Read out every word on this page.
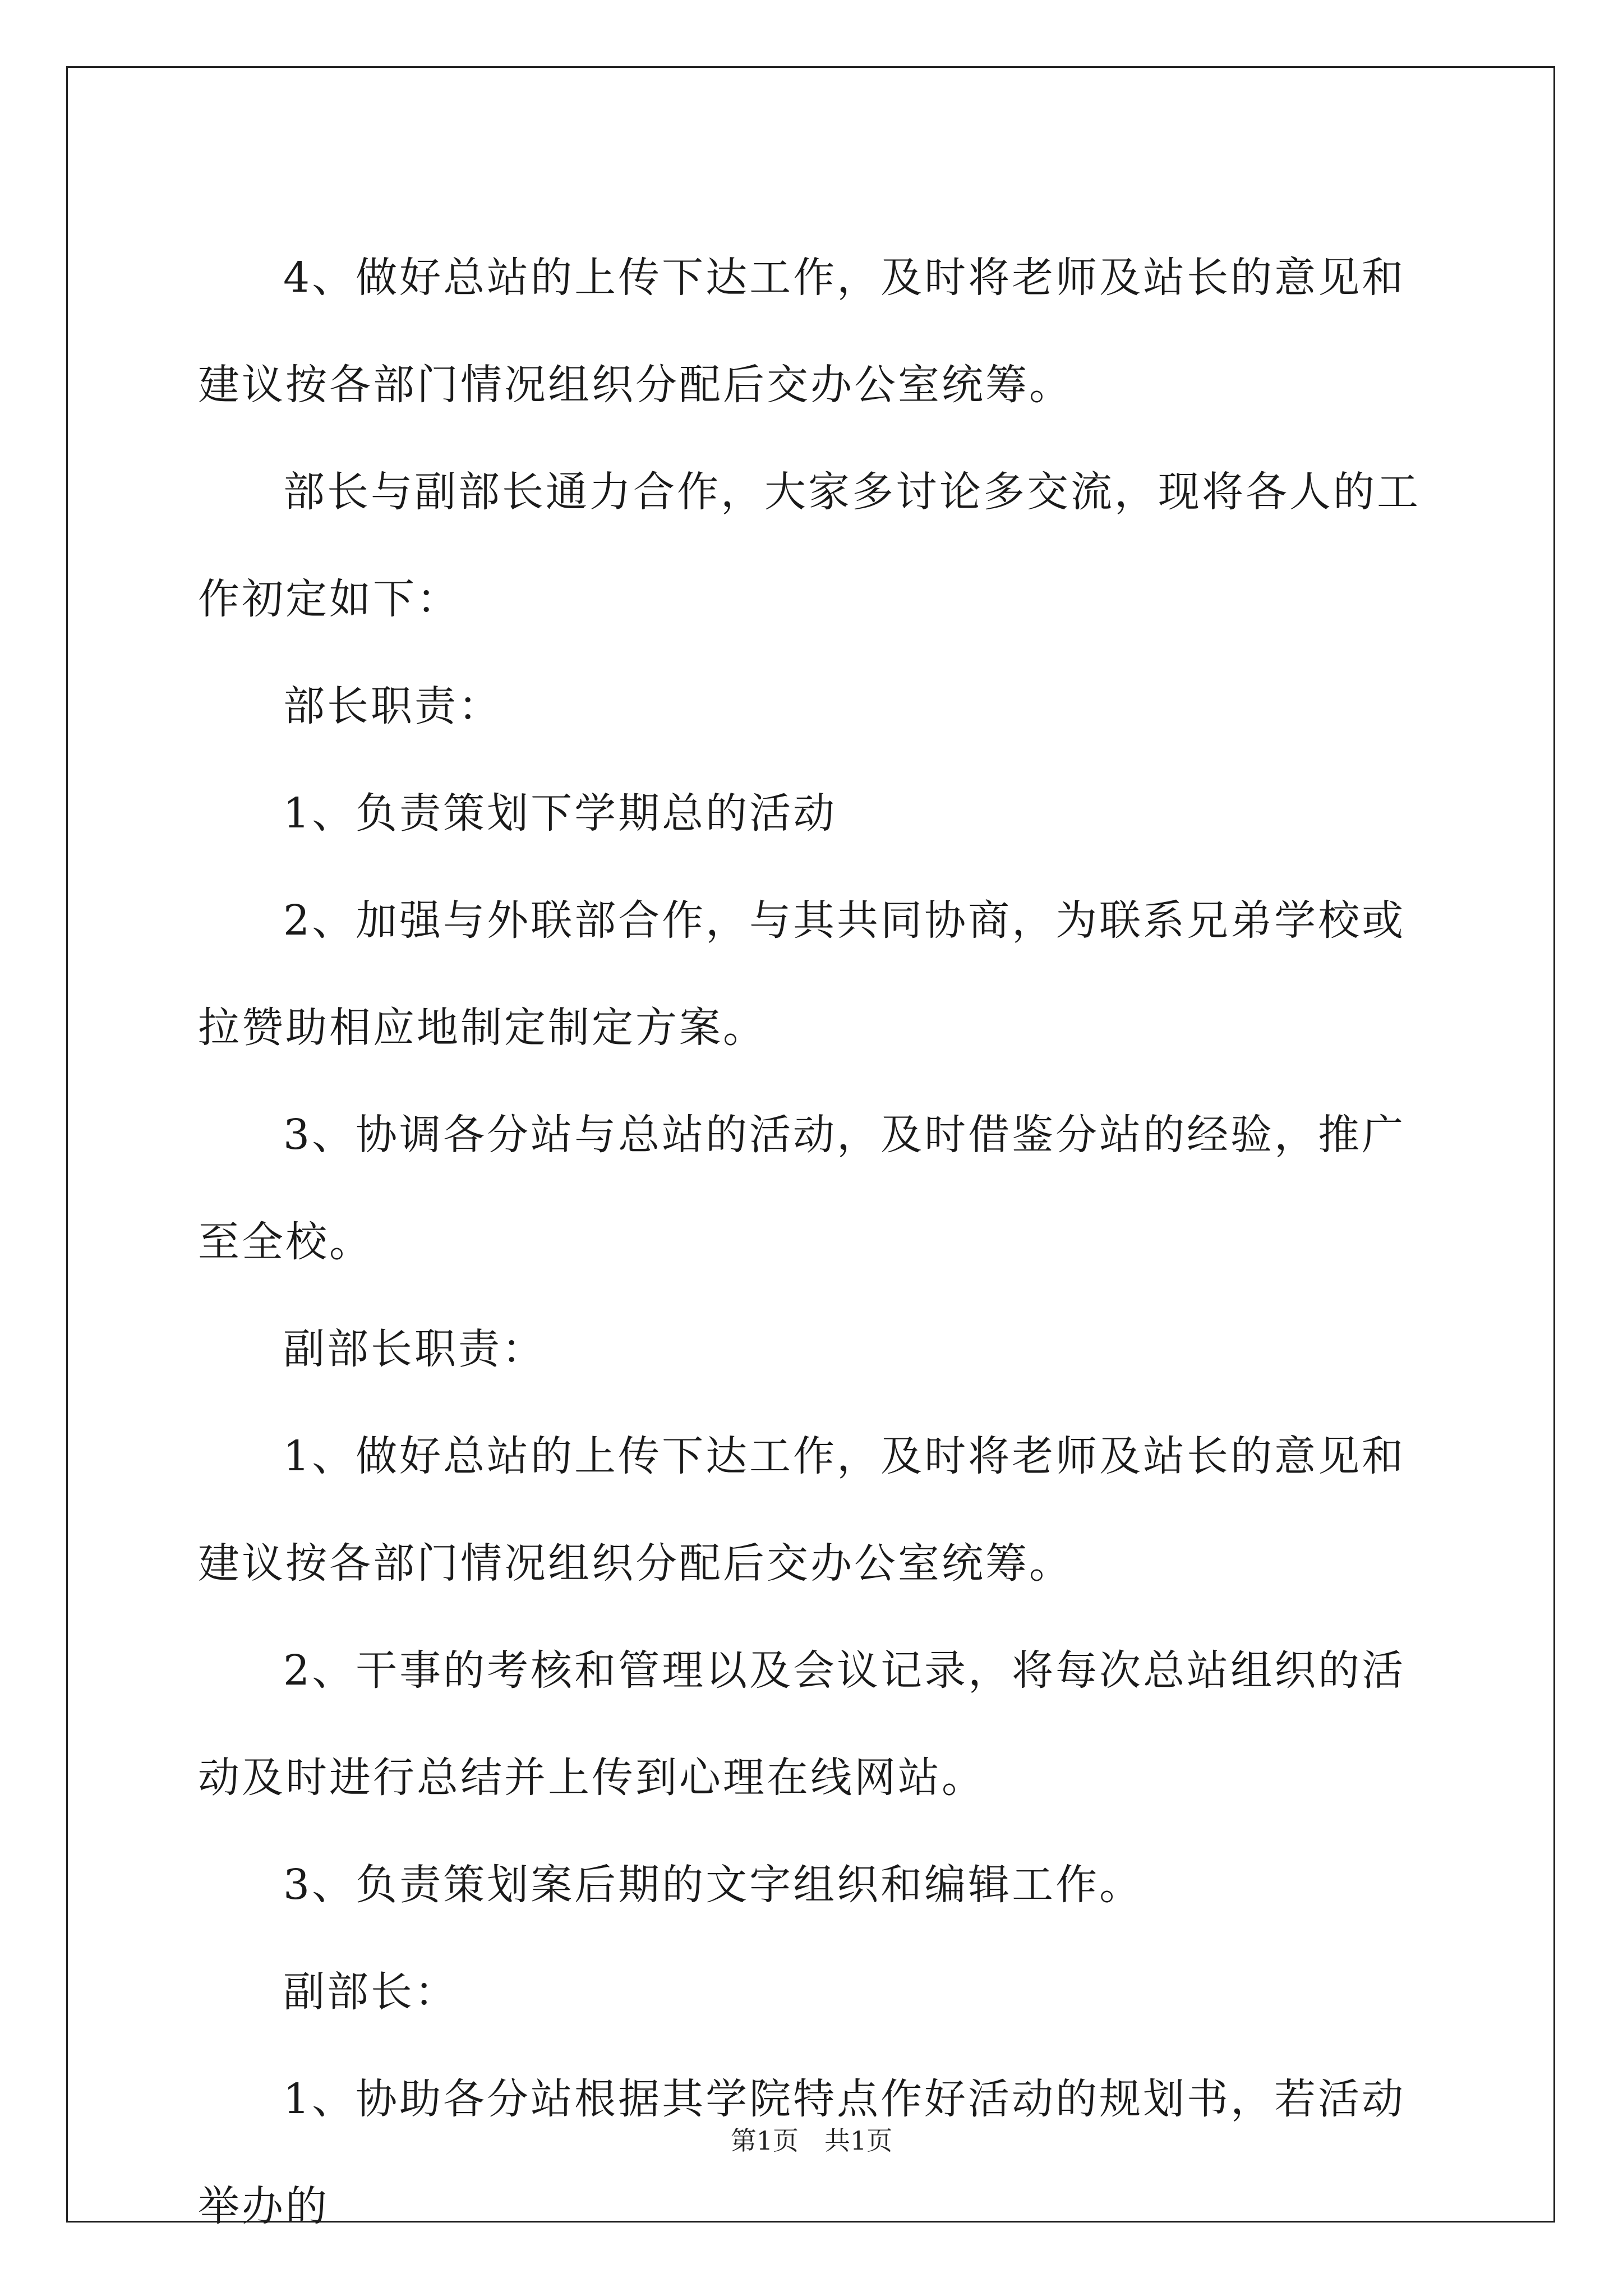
4、做好总站的上传下达工作，及时将老师及站长的意见和建议按各部门情况组织分配后交办公室统筹。

部长与副部长通力合作，大家多讨论多交流，现将各人的工作初定如下：

部长职责：

1、负责策划下学期总的活动

2、加强与外联部合作，与其共同协商，为联系兄弟学校或拉赞助相应地制定制定方案。

3、协调各分站与总站的活动，及时借鉴分站的经验，推广至全校。

副部长职责：

1、做好总站的上传下达工作，及时将老师及站长的意见和建议按各部门情况组织分配后交办公室统筹。

2、干事的考核和管理以及会议记录，将每次总站组织的活动及时进行总结并上传到心理在线网站。

3、负责策划案后期的文字组织和编辑工作。

副部长：

1、协助各分站根据其学院特点作好活动的规划书，若活动举办的

第1页　共1页
